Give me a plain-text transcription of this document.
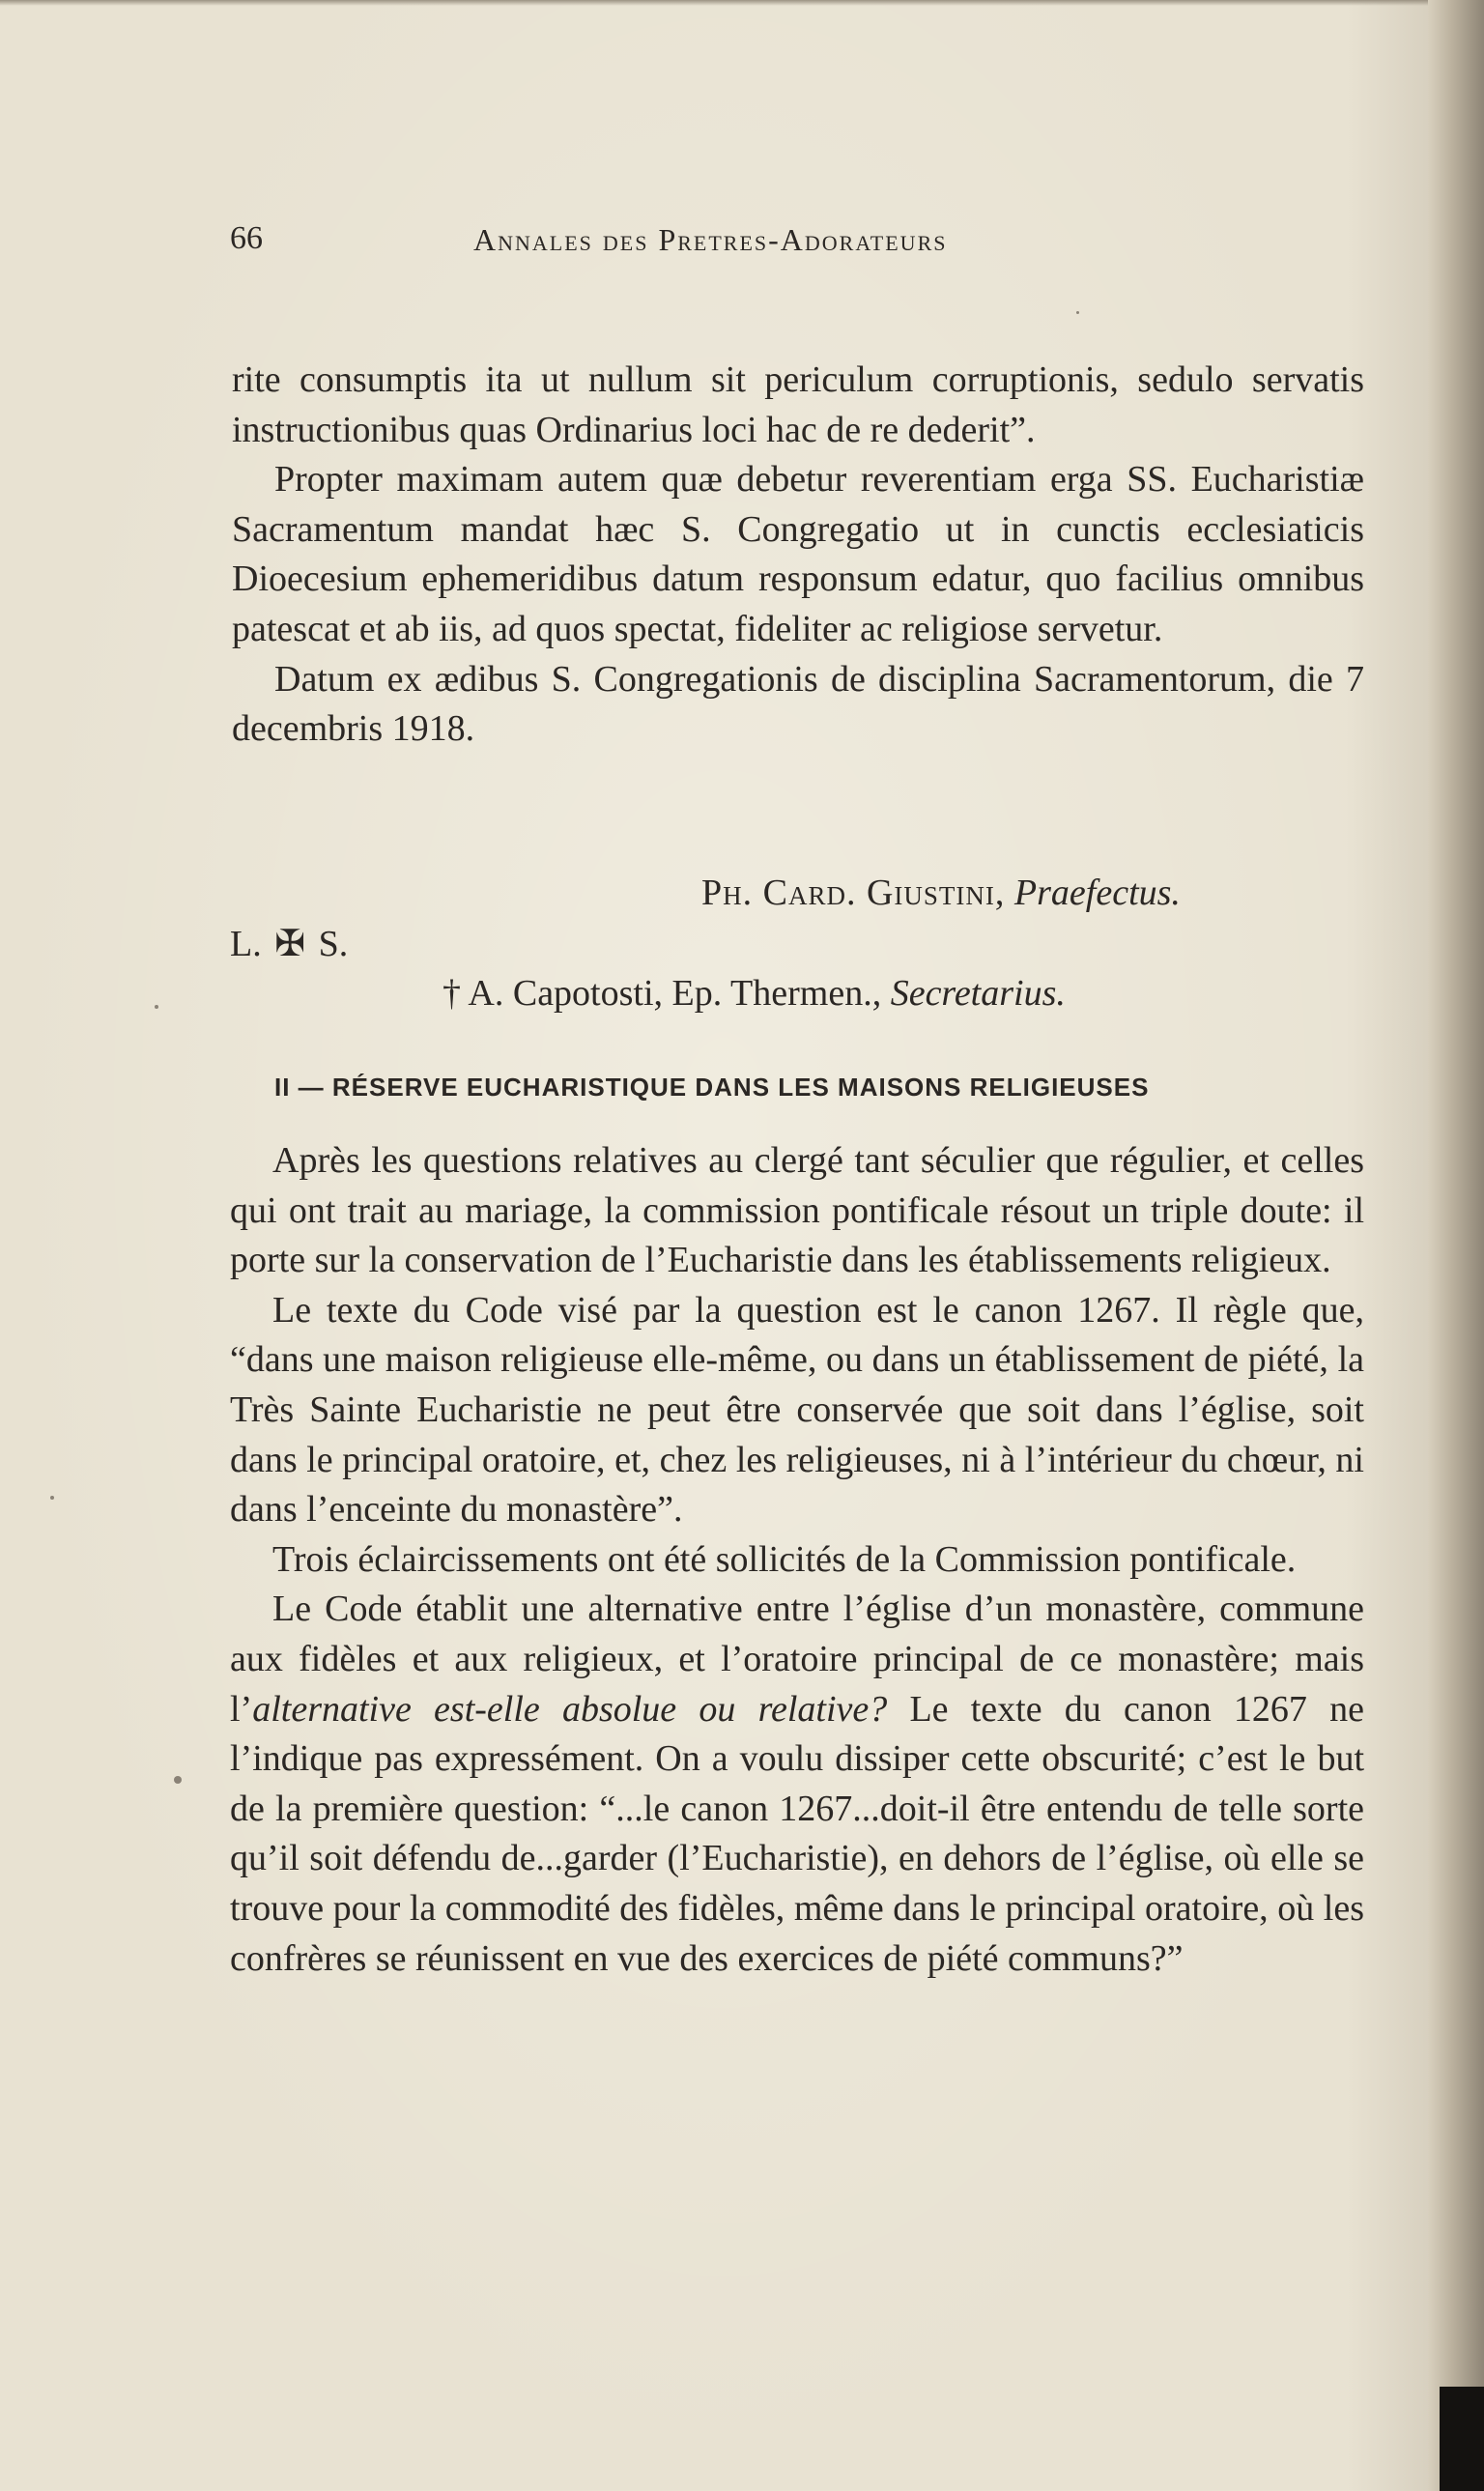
66	Annales des Pretres-Adorateurs

rite consumptis ita ut nullum sit periculum corruptionis, sedulo servatis instructionibus quas Ordinarius loci hac de re dederit”.

Propter maximam autem quæ debetur reverentiam erga SS. Eucharistiæ Sacramentum mandat hæc S. Congregatio ut in cunctis ecclesiaticis Dioecesium ephemeridibus datum responsum edatur, quo facilius omnibus patescat et ab iis, ad quos spectat, fideliter ac religiose servetur.

Datum ex ædibus S. Congregationis de disciplina Sacramentorum, die 7 decembris 1918.

Ph. Card. Giustini, Praefectus.
L. ✠ S.
† A. Capotosti, Ep. Thermen., Secretarius.
II — RÉSERVE EUCHARISTIQUE DANS LES MAISONS RELIGIEUSES

Après les questions relatives au clergé tant séculier que régulier, et celles qui ont trait au mariage, la commission pontificale résout un triple doute: il porte sur la conservation de l’Eucharistie dans les établissements religieux.

Le texte du Code visé par la question est le canon 1267. Il règle que, “dans une maison religieuse elle-même, ou dans un établissement de piété, la Très Sainte Eucharistie ne peut être conservée que soit dans l’église, soit dans le principal oratoire, et, chez les religieuses, ni à l’intérieur du chœur, ni dans l’enceinte du monastère”.

Trois éclaircissements ont été sollicités de la Commission pontificale.

Le Code établit une alternative entre l’église d’un monastère, commune aux fidèles et aux religieux, et l’oratoire principal de ce monastère; mais l’alternative est-elle absolue ou relative? Le texte du canon 1267 ne l’indique pas expressément. On a voulu dissiper cette obscurité; c’est le but de la première question: “...le canon 1267...doit-il être entendu de telle sorte qu’il soit défendu de...garder (l’Eucharistie), en dehors de l’église, où elle se trouve pour la commodité des fidèles, même dans le principal oratoire, où les confrères se réunissent en vue des exercices de piété communs?”
